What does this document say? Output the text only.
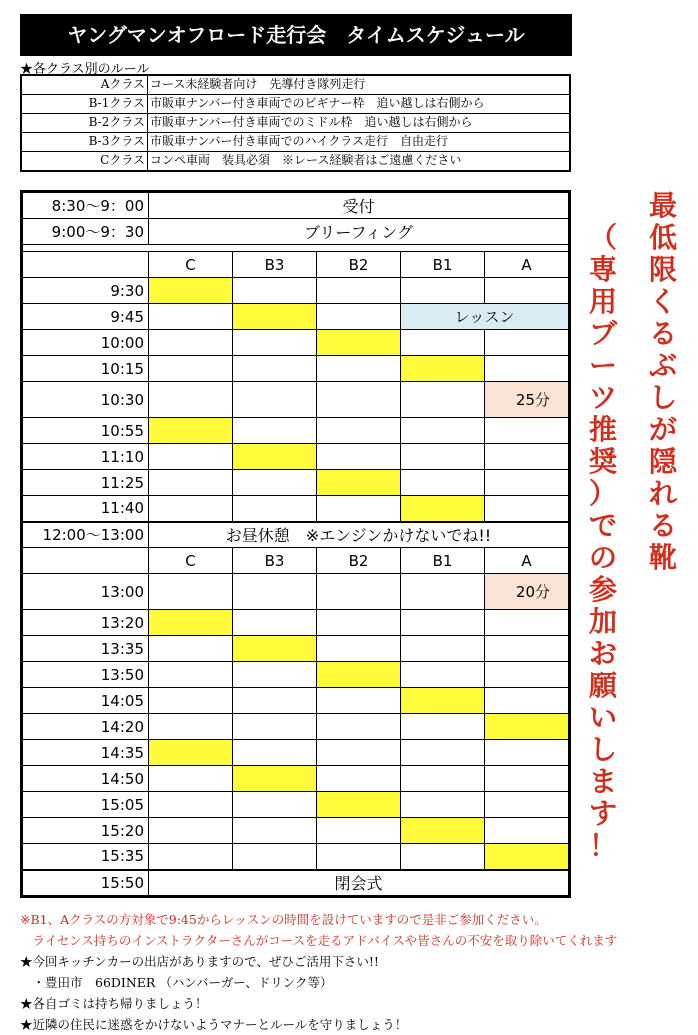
ヤングマンオフロード走行会　タイムスケジュール
★各クラス別のルール
Aクラス コース未経験者向け　先導付き隊列走行
B-1クラス 市販車ナンバー付き車両でのビギナー枠　追い越しは右側から
B-2クラス 市販車ナンバー付き車両でのミドル枠　追い越しは右側から
B-3クラス 市販車ナンバー付き車両でのハイクラス走行　自由走行
Cクラス コンペ車両　装具必須　※レース経験者はご遠慮ください
8:30～9：00	受付				
9:00～9：30	ブリーフィング				

	C	B3	B2	B1	A
9:30					
9:45				レッスン	
10:00					
10:15					
10:30					25分
10:55					
11:10					
11:25					
11:40					
12:00～13:00	お昼休憩　※エンジンかけないでね!!				
	C	B3	B2	B1	A
13:00					20分
13:20					
13:35					
13:50					
14:05					
14:20					
14:35					
14:50					
15:05					
15:20					
15:35					
15:50	閉会式				
最
低
限
く
る
ぶ
し
が
隠
れ
る
靴
（
専
用
ブ
ー
ツ
推
奨
）
で
の
参
加
お
願
い
し
ま
す
！
※B1、Aクラスの方対象で9:45からレッスンの時間を設けていますので是非ご参加ください。
　ライセンス持ちのインストラクターさんがコースを走るアドバイスや皆さんの不安を取り除いてくれます
★今回キッチンカーの出店がありますので、ぜひご活用下さい!!
　・豊田市　66DINER （ハンバーガー、ドリンク等）
★各自ゴミは持ち帰りましょう！
★近隣の住民に迷惑をかけないようマナーとルールを守りましょう！
